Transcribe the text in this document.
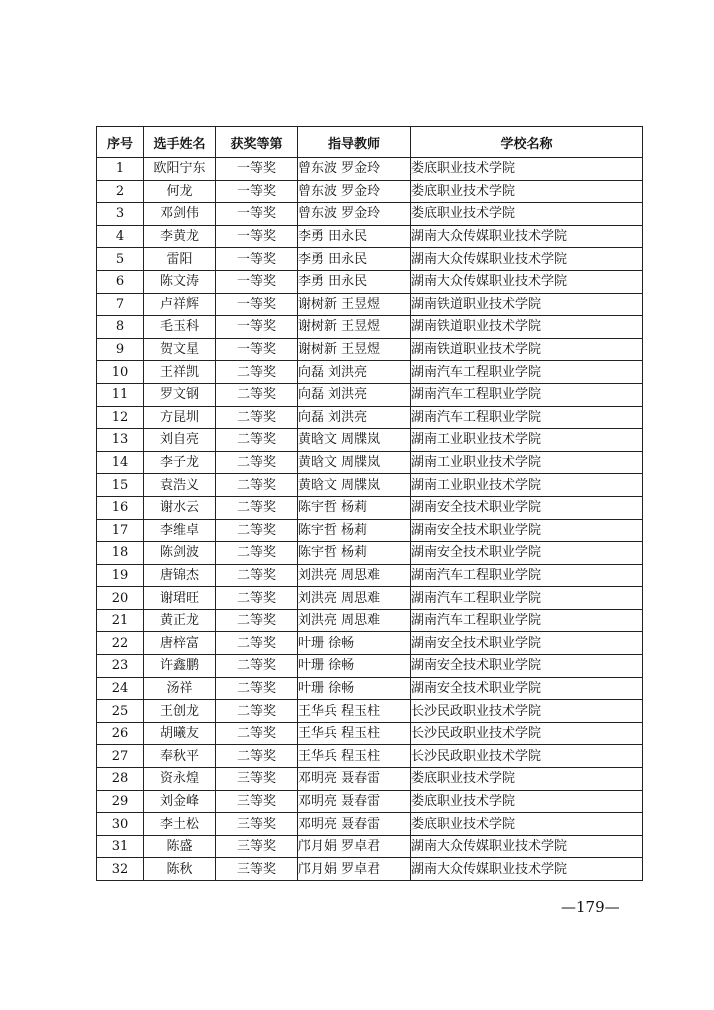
序号	选手姓名	获奖等第	指导教师	学校名称
1	欧阳宁东	一等奖	曾东波 罗金玲	娄底职业技术学院
2	何龙	一等奖	曾东波 罗金玲	娄底职业技术学院
3	邓剑伟	一等奖	曾东波 罗金玲	娄底职业技术学院
4	李黄龙	一等奖	李勇 田永民	湖南大众传媒职业技术学院
5	雷阳	一等奖	李勇 田永民	湖南大众传媒职业技术学院
6	陈文涛	一等奖	李勇 田永民	湖南大众传媒职业技术学院
7	卢祥辉	一等奖	谢树新 王昱煜	湖南铁道职业技术学院
8	毛玉科	一等奖	谢树新 王昱煜	湖南铁道职业技术学院
9	贺文星	一等奖	谢树新 王昱煜	湖南铁道职业技术学院
10	王祥凯	二等奖	向磊 刘洪亮	湖南汽车工程职业学院
11	罗文钢	二等奖	向磊 刘洪亮	湖南汽车工程职业学院
12	方昆圳	二等奖	向磊 刘洪亮	湖南汽车工程职业学院
13	刘自亮	二等奖	黄晗文 周牒岚	湖南工业职业技术学院
14	李子龙	二等奖	黄晗文 周牒岚	湖南工业职业技术学院
15	袁浩义	二等奖	黄晗文 周牒岚	湖南工业职业技术学院
16	谢水云	二等奖	陈宇哲 杨莉	湖南安全技术职业学院
17	李维卓	二等奖	陈宇哲 杨莉	湖南安全技术职业学院
18	陈剑波	二等奖	陈宇哲 杨莉	湖南安全技术职业学院
19	唐锦杰	二等奖	刘洪亮 周思难	湖南汽车工程职业学院
20	谢珺旺	二等奖	刘洪亮 周思难	湖南汽车工程职业学院
21	黄正龙	二等奖	刘洪亮 周思难	湖南汽车工程职业学院
22	唐梓富	二等奖	叶珊 徐畅	湖南安全技术职业学院
23	许鑫鹏	二等奖	叶珊 徐畅	湖南安全技术职业学院
24	汤祥	二等奖	叶珊 徐畅	湖南安全技术职业学院
25	王创龙	二等奖	王华兵 程玉柱	长沙民政职业技术学院
26	胡曦友	二等奖	王华兵 程玉柱	长沙民政职业技术学院
27	奉秋平	二等奖	王华兵 程玉柱	长沙民政职业技术学院
28	资永煌	三等奖	邓明亮 聂春雷	娄底职业技术学院
29	刘金峰	三等奖	邓明亮 聂春雷	娄底职业技术学院
30	李土松	三等奖	邓明亮 聂春雷	娄底职业技术学院
31	陈盛	三等奖	邝月娟 罗卓君	湖南大众传媒职业技术学院
32	陈秋	三等奖	邝月娟 罗卓君	湖南大众传媒职业技术学院
—179—
